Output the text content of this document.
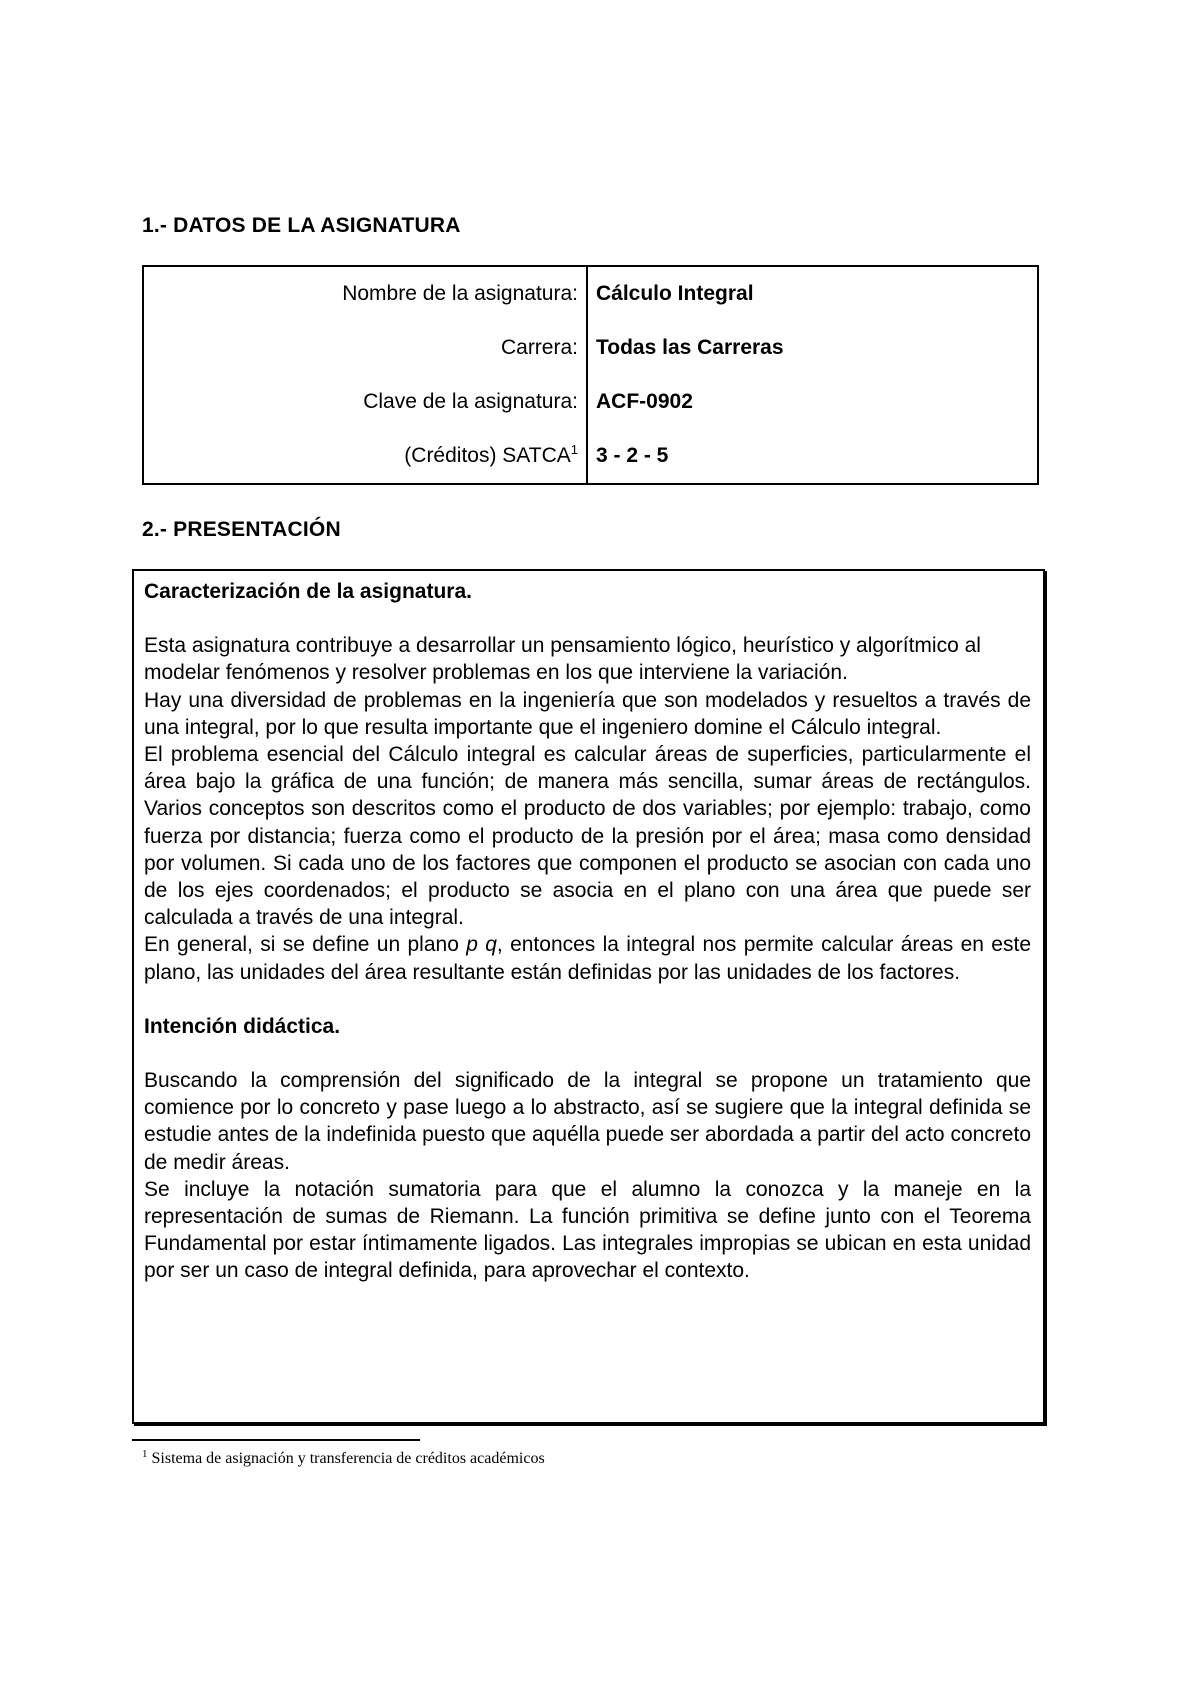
1.- DATOS DE LA ASIGNATURA
Nombre de la asignatura:	Cálculo Integral
Carrera:	Todas las Carreras
Clave de la asignatura:	ACF-0902
(Créditos) SATCA$^1$	3 - 2 - 5
2.- PRESENTACIÓN

Caracterización de la asignatura.

Esta asignatura contribuye a desarrollar un pensamiento lógico, heurístico y algorítmico al modelar fenómenos y resolver problemas en los que interviene la variación.

Hay una diversidad de problemas en la ingeniería que son modelados y resueltos a través de una integral, por lo que resulta importante que el ingeniero domine el Cálculo integral.

El problema esencial del Cálculo integral es calcular áreas de superficies, particularmente el área bajo la gráfica de una función; de manera más sencilla, sumar áreas de rectángulos. Varios conceptos son descritos como el producto de dos variables; por ejemplo: trabajo, como fuerza por distancia; fuerza como el producto de la presión por el área; masa como densidad por volumen. Si cada uno de los factores que componen el producto se asocian con cada uno de los ejes coordenados; el producto se asocia en el plano con una área que puede ser calculada a través de una integral.

En general, si se define un plano p q, entonces la integral nos permite calcular áreas en este plano, las unidades del área resultante están definidas por las unidades de los factores.

Intención didáctica.

Buscando la comprensión del significado de la integral se propone un tratamiento que comience por lo concreto y pase luego a lo abstracto, así se sugiere que la integral definida se estudie antes de la indefinida puesto que aquélla puede ser abordada a partir del acto concreto de medir áreas.

Se incluye la notación sumatoria para que el alumno la conozca y la maneje en la representación de sumas de Riemann. La función primitiva se define junto con el Teorema Fundamental por estar íntimamente ligados. Las integrales impropias se ubican en esta unidad por ser un caso de integral definida, para aprovechar el contexto.

$^1$ Sistema de asignación y transferencia de créditos académicos
